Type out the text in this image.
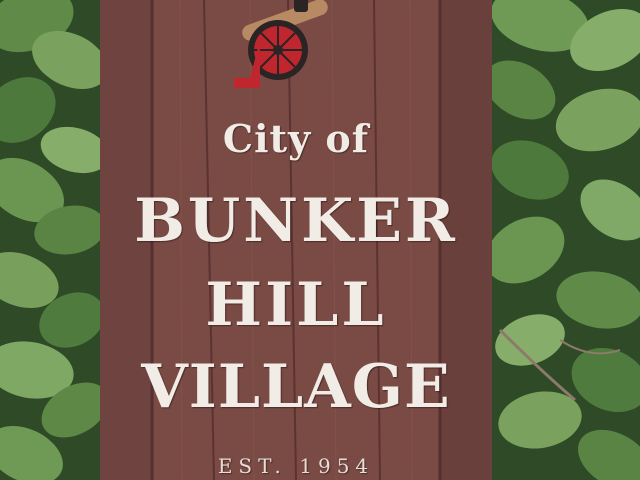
City of
BUNKER
HILL
VILLAGE
EST. 1954
